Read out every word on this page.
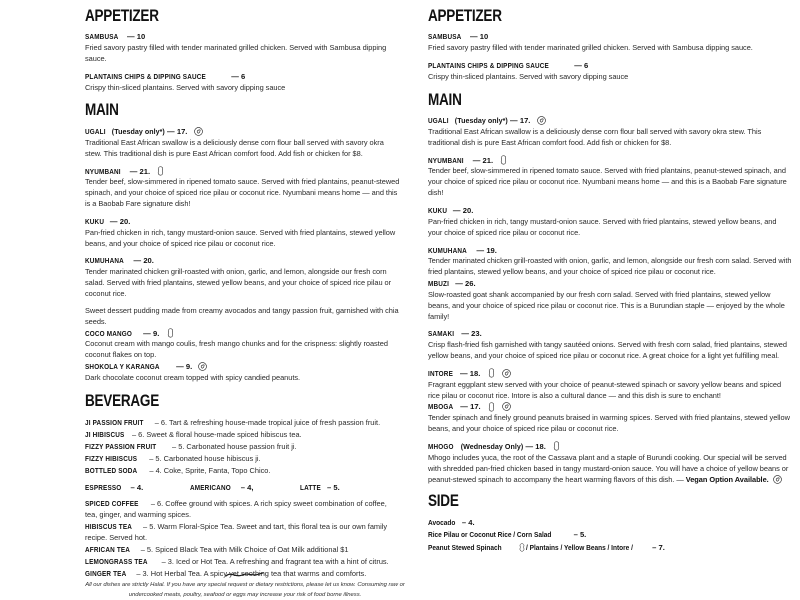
APPETIZER
SAMBUSA — 10
Fried savory pastry filled with tender marinated grilled chicken. Served with Sambusa dipping sauce.
PLANTAINS CHIPS & DIPPING SAUCE	— 6
Crispy thin-sliced plantains. Served with savory dipping sauce
MAIN
UGALI (Tuesday only*) — 17.
Traditional East African swallow is a deliciously dense corn flour ball served with savory okra stew. This traditional dish is pure East African comfort food. Add fish or chicken for $8.
NYUMBANI — 21.
Tender beef, slow-simmered in ripened tomato sauce. Served with fried plantains, peanut-stewed spinach, and your choice of spiced rice pilau or coconut rice. Nyumbani means home — and this is a Baobab Fare signature dish!
KUKU — 20.
Pan-fried chicken in rich, tangy mustard-onion sauce. Served with fried plantains, stewed yellow beans, and your choice of spiced rice pilau or coconut rice.
KUMUHANA — 20.
Tender marinated chicken grill-roasted with onion, garlic, and lemon, alongside our fresh corn salad. Served with fried plantains, stewed yellow beans, and your choice of spiced rice pilau or coconut rice.
Sweet dessert pudding made from creamy avocados and tangy passion fruit, garnished with chia seeds.
COCO MANGO — 9.
Coconut cream with mango coulis, fresh mango chunks and for the crispness: slightly roasted coconut flakes on top.
SHOKOLA Y KARANGA — 9.
Dark chocolate coconut cream topped with spicy candied peanuts.
BEVERAGE
JI PASSION FRUIT – 6. Tart & refreshing house-made tropical juice of fresh passion fruit.
JI HIBISCUS – 6. Sweet & floral house-made spiced hibiscus tea.
FIZZY PASSION FRUIT – 5. Carbonated house passion fruit ji.
FIZZY HIBISCUS – 5. Carbonated house hibiscus ji.
BOTTLED SODA – 4. Coke, Sprite, Fanta, Topo Chico.
ESPRESSO – 4.	AMERICANO – 4,	LATTE – 5.
SPICED COFFEE – 6. Coffee ground with spices. A rich spicy sweet combination of coffee, tea, ginger, and warming spices.
HIBISCUS TEA – 5. Warm Floral-Spice Tea. Sweet and tart, this floral tea is our own family recipe. Served hot.
AFRICAN TEA – 5. Spiced Black Tea with Milk Choice of Oat Milk additional $1
LEMONGRASS TEA – 3. Iced or Hot Tea. A refreshing and fragrant tea with a hint of citrus.
GINGER TEA – 3. Hot Herbal Tea. A spicy yet soothing tea that warms and comforts.
All our dishes are strictly Halal. If you have any special request or dietary restrictions, please let us know. Consuming raw or undercooked meats, poultry, seafood or eggs may increase your risk of food borne illness.
APPETIZER
SAMBUSA — 10
Fried savory pastry filled with tender marinated grilled chicken. Served with Sambusa dipping sauce.
PLANTAINS CHIPS & DIPPING SAUCE	— 6
Crispy thin-sliced plantains. Served with savory dipping sauce
MAIN
UGALI (Tuesday only*) — 17.
Traditional East African swallow is a deliciously dense corn flour ball served with savory okra stew. This traditional dish is pure East African comfort food. Add fish or chicken for $8.
NYUMBANI — 21.
Tender beef, slow-simmered in ripened tomato sauce. Served with fried plantains, peanut-stewed spinach, and your choice of spiced rice pilau or coconut rice. Nyumbani means home — and this is a Baobab Fare signature dish!
KUKU — 20.
Pan-fried chicken in rich, tangy mustard-onion sauce. Served with fried plantains, stewed yellow beans, and your choice of spiced rice pilau or coconut rice.
KUMUHANA — 19.
Tender marinated chicken grill-roasted with onion, garlic, and lemon, alongside our fresh corn salad. Served with fried plantains, stewed yellow beans, and your choice of spiced rice pilau or coconut rice.
MBUZI — 26.
Slow-roasted goat shank accompanied by our fresh corn salad. Served with fried plantains, stewed yellow beans, and your choice of spiced rice pilau or coconut rice. This is a Burundian staple — enjoyed by the whole family!
SAMAKI — 23.
Crisp flash-fried fish garnished with tangy sautéed onions. Served with fresh corn salad, fried plantains, stewed yellow beans, and your choice of spiced rice pilau or coconut rice. A great choice for a light yet fulfilling meal.
INTORE — 18.

Fragrant eggplant stew served with your choice of peanut-stewed spinach or savory yellow beans and spiced rice pilau or coconut rice. Intore is also a cultural dance — and this dish is sure to enchant!
MBOGA — 17.

Tender spinach and finely ground peanuts braised in warming spices. Served with fried plantains, stewed yellow beans, and your choice of spiced rice pilau or coconut rice.
MHOGO (Wednesday Only) — 18.
Mhogo includes yuca, the root of the Cassava plant and a staple of Burundi cooking. Our special will be served with shredded pan-fried chicken based in tangy mustard-onion sauce. You will have a choice of yellow beans or peanut-stewed spinach to accompany the heart warming flavors of this dish. — Vegan Option Available.
SIDE
Avocado – 4.
Rice Pilau or Coconut Rice / Corn Salad	– 5.
Peanut Stewed Spinach	/ Plantains / Yellow Beans / Intore /	– 7.
